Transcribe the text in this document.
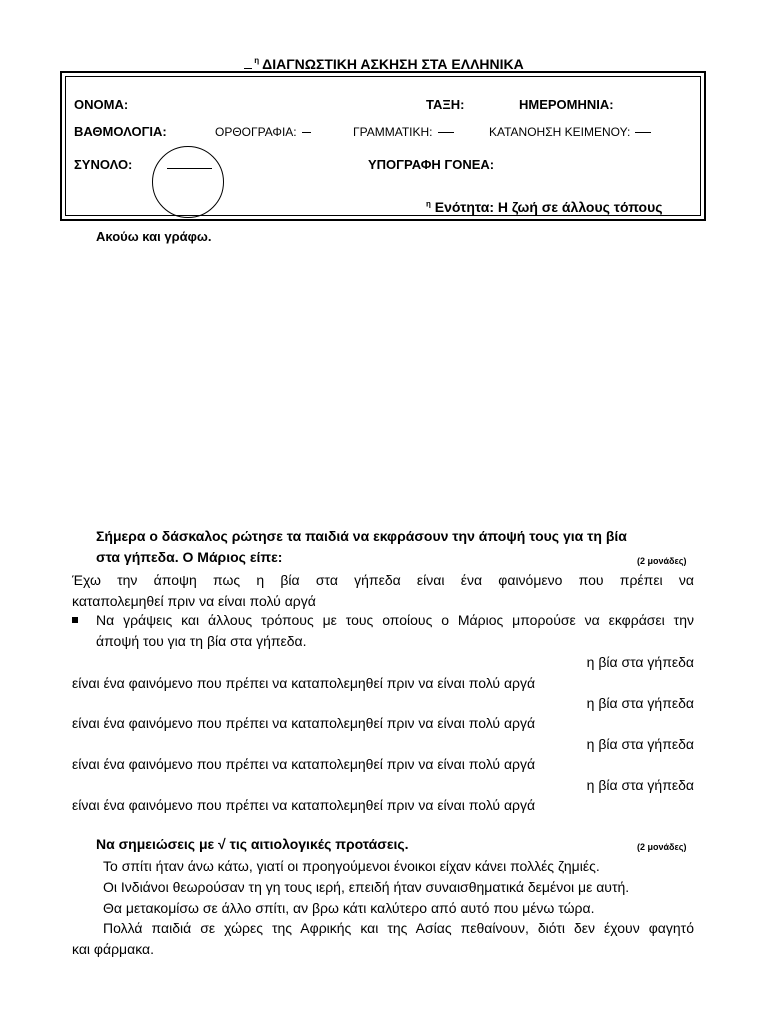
$^\eta$ ΔΙΑΓΝΩΣΤΙΚΗ ΑΣΚΗΣΗ ΣΤΑ ΕΛΛΗΝΙΚΑ
ΟΝΟΜΑ:	ΤΑΞΗ:	ΗΜΕΡΟΜΗΝΙΑ:
ΒΑΘΜΟΛΟΓΙΑ:	ΟΡΘΟΓΡΑΦΙΑ:	ΓΡΑΜΜΑΤΙΚΗ:	ΚΑΤΑΝΟΗΣΗ ΚΕΙΜΕΝΟΥ:
ΣΥΝΟΛΟ:	ΥΠΟΓΡΑΦΗ ΓΟΝΕΑ:
$^\eta$ Ενότητα: Η ζωή σε άλλους τόπους
Ακούω και γράφω.
Σήμερα ο δάσκαλος ρώτησε τα παιδιά να εκφράσουν την άποψή τους για τη βία
στα γήπεδα. Ο Μάριος είπε:	(2 μονάδες)
Έχω την άποψη πως η βία στα γήπεδα είναι ένα φαινόμενο που πρέπει να
καταπολεμηθεί πριν να είναι πολύ αργά
Να γράψεις και άλλους τρόπους με τους οποίους ο Μάριος μπορούσε να εκφράσει την
άποψή του για τη βία στα γήπεδα.
η βία στα γήπεδα
είναι ένα φαινόμενο που πρέπει να καταπολεμηθεί πριν να είναι πολύ αργά
η βία στα γήπεδα
είναι ένα φαινόμενο που πρέπει να καταπολεμηθεί πριν να είναι πολύ αργά
η βία στα γήπεδα
είναι ένα φαινόμενο που πρέπει να καταπολεμηθεί πριν να είναι πολύ αργά
η βία στα γήπεδα
είναι ένα φαινόμενο που πρέπει να καταπολεμηθεί πριν να είναι πολύ αργά
Να σημειώσεις με √ τις αιτιολογικές προτάσεις.	(2 μονάδες)
Το σπίτι ήταν άνω κάτω, γιατί οι προηγούμενοι ένοικοι είχαν κάνει πολλές ζημιές.
Οι Ινδιάνοι θεωρούσαν τη γη τους ιερή, επειδή ήταν συναισθηματικά δεμένοι με αυτή.
Θα μετακομίσω σε άλλο σπίτι, αν βρω κάτι καλύτερο από αυτό που μένω τώρα.
Πολλά παιδιά σε χώρες της Αφρικής και της Ασίας πεθαίνουν, διότι δεν έχουν φαγητό
και φάρμακα.
